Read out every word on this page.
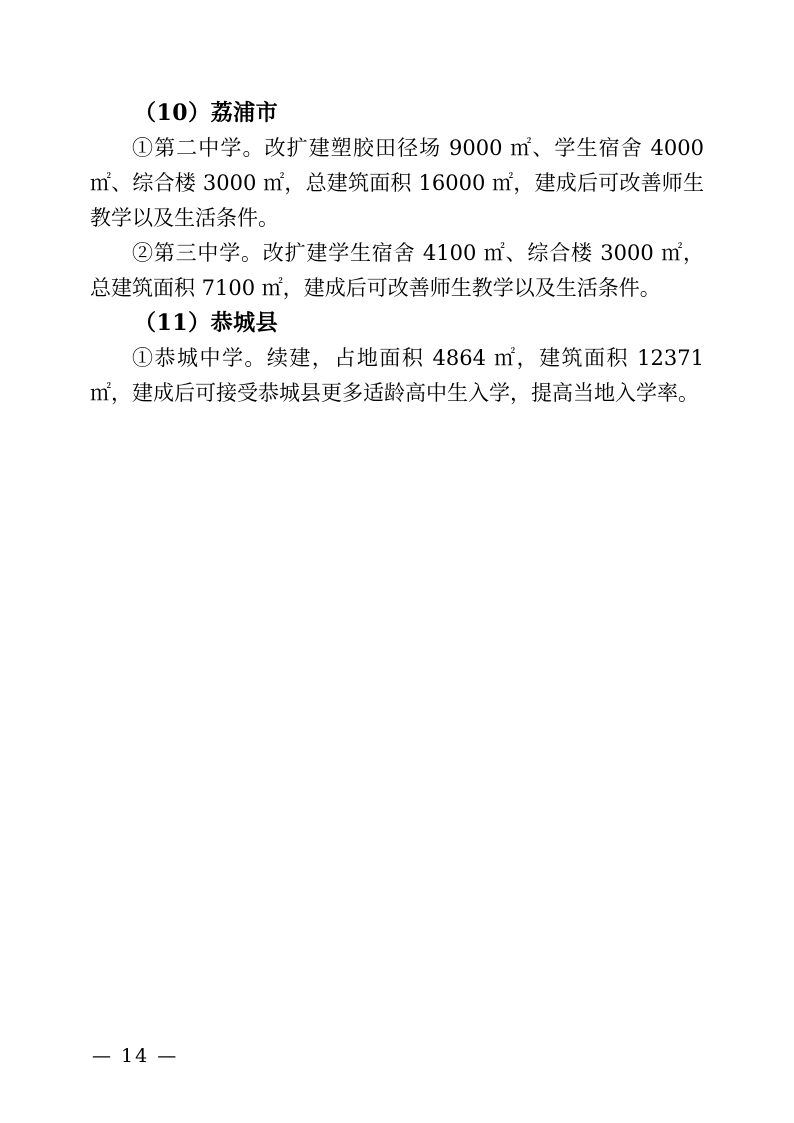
（10）荔浦市

①第二中学。改扩建塑胶田径场 9000 ㎡、学生宿舍 4000 ㎡、综合楼 3000 ㎡，总建筑面积 16000 ㎡，建成后可改善师生教学以及生活条件。

②第三中学。改扩建学生宿舍 4100 ㎡、综合楼 3000 ㎡，总建筑面积 7100 ㎡，建成后可改善师生教学以及生活条件。

（11）恭城县

①恭城中学。续建，占地面积 4864 ㎡，建筑面积 12371 ㎡，建成后可接受恭城县更多适龄高中生入学，提高当地入学率。

— 14 —
